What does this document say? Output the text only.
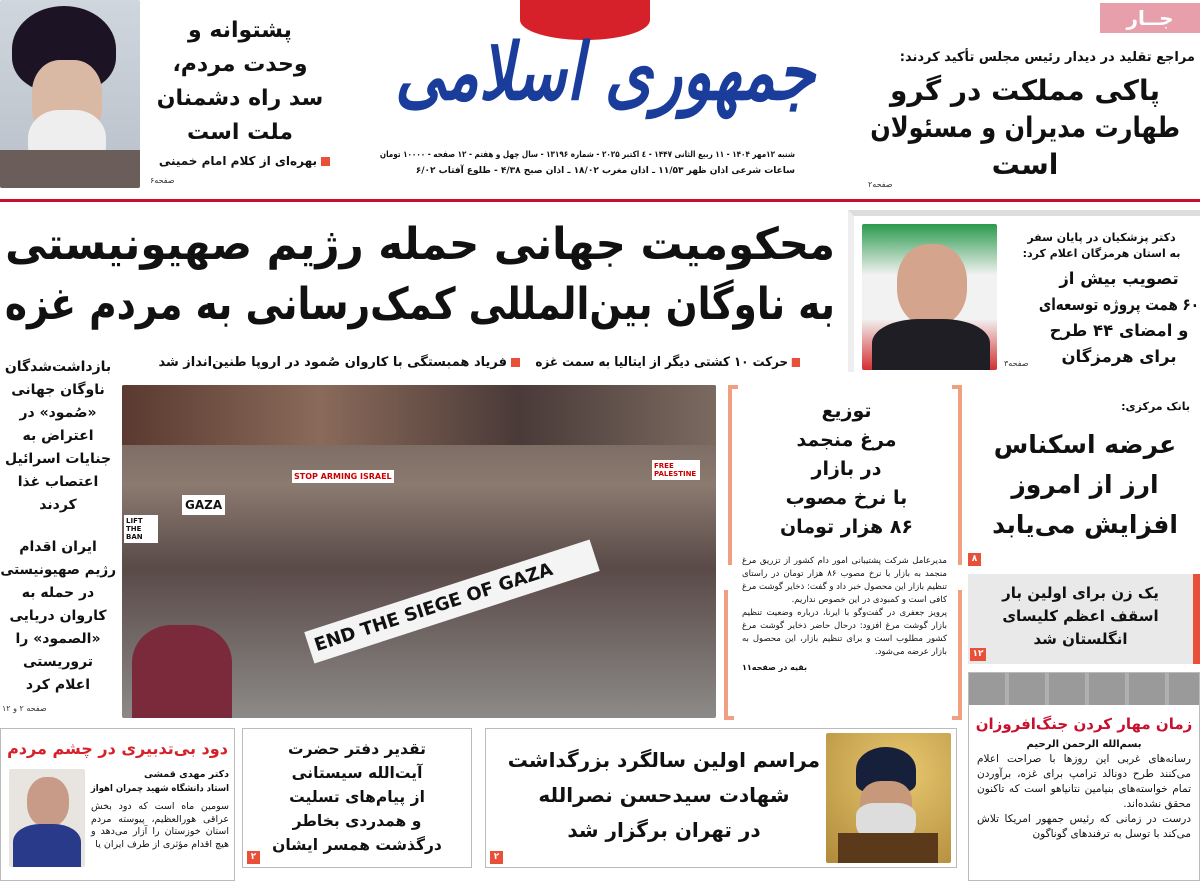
جمهوری اسلامی
شنبه ۱۲مهر ۱۴۰۴ - ۱۱ ربیع الثانی ۱۴۴۷ - ٤ اکتبر ۲۰۲۵ - شماره ۱۳۱۹۶ - سال چهل و هفتم - ۱۲ صفحه - ۱۰۰۰۰ تومان
ساعات شرعی اذان ظهر ۱۱/۵۳ ـ اذان مغرب ۱۸/۰۲ ـ اذان صبح ۴/۳۸ - طلوع آفتاب ۶/۰۲
پشتوانه و
وحدت مردم،
سد راه دشمنان
ملت است
بهره‌ای از کلام امام خمینی
صفحه۶
جــار
مراجع تقلید در دیدار رئیس مجلس تأکید کردند:
پاکی مملکت در گرو
طهارت مدیران و مسئولان
است
صفحه۲
محکومیت جهانی حمله رژیم صهیونیستی
به ناوگان بین‌المللی کمک‌رسانی به مردم غزه
حرکت ۱۰ کشتی دیگر از ایتالیا به سمت غزه
فریاد همبستگی با کاروان صُمود در اروپا طنین‌انداز شد
دکتر پزشکیان در پایان سفر
به استان هرمزگان اعلام کرد:
تصویب بیش از
۶۰ همت پروژه توسعه‌ای
و امضای ۴۴ طرح
برای هرمزگان
صفحه۳
بازداشت‌شدگان
ناوگان جهانی
«صُمود» در
اعتراض به
جنایات اسرائیل
اعتصاب غذا
کردند
ایران اقدام
رژیم صهیونیستی
در حمله به
کاروان دریایی
«الصمود» را
تروریستی
اعلام کرد
صفحه ۲ و ۱۲
STOP ARMING ISRAEL
GAZA
FREE PALESTINE
LIFT THE BAN
END THE SIEGE OF GAZA
توزیع
مرغ منجمد
در بازار
با نرخ مصوب
۸۶ هزار تومان

مدیرعامل شرکت پشتیبانی امور دام کشور از تزریق مرغ منجمد به بازار با نرخ مصوب ۸۶ هزار تومان در راستای تنظیم بازار این محصول خبر داد و گفت: ذخایر گوشت مرغ کافی است و کمبودی در این خصوص نداریم.

پرویز جعفری در گفت‌وگو با ایرنا، درباره وضعیت تنظیم بازار گوشت مرغ افزود: درحال حاضر ذخایر گوشت مرغ کشور مطلوب است و برای تنظیم بازار، این محصول به بازار عرضه می‌شود.

بقیه در صفحه۱۱
بانک مرکزی:
عرضه اسکناس
ارز از امروز
افزایش می‌یابد
۸
یک زن برای اولین بار
اسقف اعظم کلیسای
انگلستان شد
۱۲
زمان مهار کردن جنگ‌افروزان
بسم‌الله الرحمن الرحیم

رسانه‌های غربی این روزها با صراحت اعلام می‌کنند طرح دونالد ترامپ برای غزه، برآوردن تمام خواسته‌های بنیامین نتانیاهو است که تاکنون محقق نشده‌اند.

درست در زمانی که رئیس جمهور امریکا تلاش می‌کند با توسل به ترفندهای گوناگون

دود بی‌تدبیری در چشم مردم
دکتر مهدی قمشی
استاد دانشگاه شهید چمران اهواز
سومین ماه است که دود بخش عراقی هورالعظیم، پیوسته مردم استان خوزستان را آزار می‌دهد و هیچ اقدام مؤثری از طرف ایران یا
تقدیر دفتر حضرت
آیت‌الله سیستانی
از پیام‌های تسلیت
و همدردی بخاطر
درگذشت همسر ایشان
۲
مراسم اولین سالگرد بزرگداشت
شهادت سیدحسن نصرالله
در تهران برگزار شد
۲
